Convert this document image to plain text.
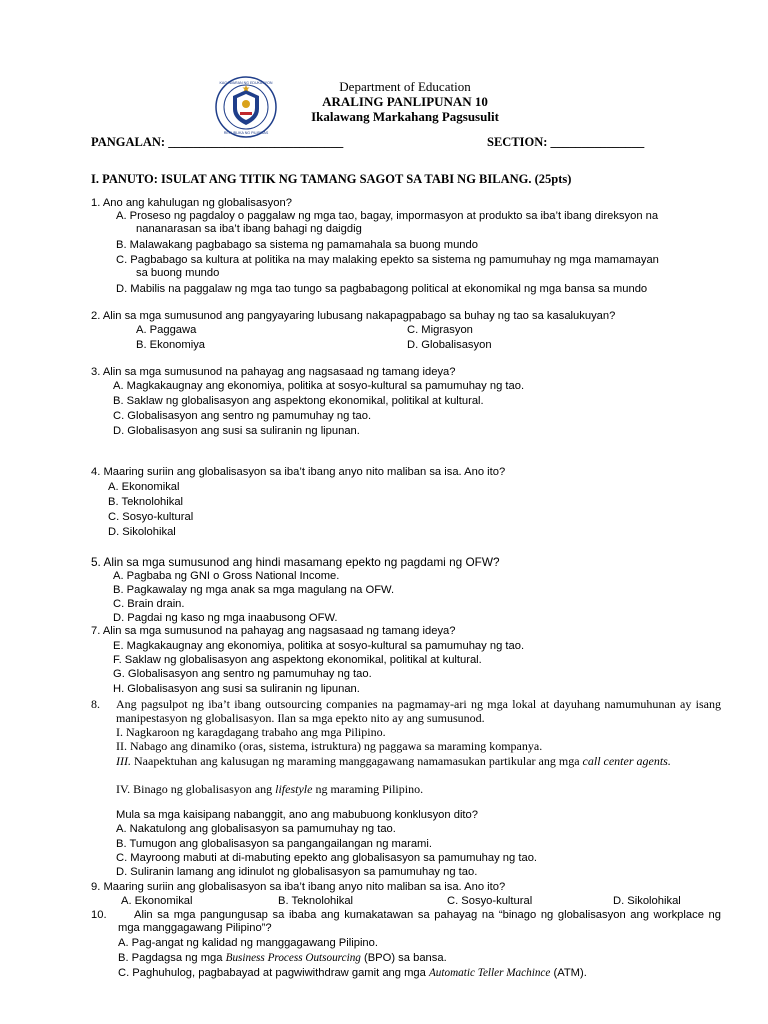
REPUBLIKA NG PILIPINAS
KAGAWARAN NG EDUKASYON	Department of Education
ARALING PANLIPUNAN 10
Ikalawang Markahang Pagsusulit
PANGALAN: ____________________________	SECTION: _______________
I. PANUTO: ISULAT ANG TITIK NG TAMANG SAGOT SA TABI NG BILANG. (25pts)
1. Ano ang kahulugan ng globalisasyon?
A. Proseso ng pagdaloy o paggalaw ng mga tao, bagay, impormasyon at produkto sa iba’t ibang direksyon na
nananarasan sa iba’t ibang bahagi ng daigdig
B. Malawakang pagbabago sa sistema ng pamamahala sa buong mundo
C. Pagbabago sa kultura at politika na may malaking epekto sa sistema ng pamumuhay ng mga mamamayan
sa buong mundo
D. Mabilis na paggalaw ng mga tao tungo sa pagbabagong political at ekonomikal ng mga bansa sa mundo
2. Alin sa mga sumusunod ang pangyayaring lubusang nakapagpabago sa buhay ng tao sa kasalukuyan?
A. Paggawa
B. Ekonomiya
C. Migrasyon
D. Globalisasyon
3. Alin sa mga sumusunod na pahayag ang nagsasaad ng tamang ideya?
A. Magkakaugnay ang ekonomiya, politika at sosyo-kultural sa pamumuhay ng tao.
B. Saklaw ng globalisasyon ang aspektong ekonomikal, politikal at kultural.
C. Globalisasyon ang sentro ng pamumuhay ng tao.
D. Globalisasyon ang susi sa suliranin ng lipunan.
4. Maaring suriin ang globalisasyon sa iba’t ibang anyo nito maliban sa isa. Ano ito?
A. Ekonomikal
B. Teknolohikal
C. Sosyo-kultural
D. Sikolohikal
5. Alin sa mga sumusunod ang hindi masamang epekto ng pagdami ng OFW?
A. Pagbaba ng GNI o Gross National Income.
B. Pagkawalay ng mga anak sa mga magulang na OFW.
C. Brain drain.
D. Pagdai ng kaso ng mga inaabusong OFW.
7. Alin sa mga sumusunod na pahayag ang nagsasaad ng tamang ideya?
E. Magkakaugnay ang ekonomiya, politika at sosyo-kultural sa pamumuhay ng tao.
F. Saklaw ng globalisasyon ang aspektong ekonomikal, politikal at kultural.
G. Globalisasyon ang sentro ng pamumuhay ng tao.
H. Globalisasyon ang susi sa suliranin ng lipunan.
8. Ang pagsulpot ng iba’t ibang outsourcing companies na pagmamay-ari ng mga lokal at dayuhang namumuhunan ay isang manipestasyon ng globalisasyon. Ilan sa mga epekto nito ay ang sumusunod.
I. Nagkaroon ng karagdagang trabaho ang mga Pilipino.
II. Nabago ang dinamiko (oras, sistema, istruktura) ng paggawa sa maraming kompanya.
III. Naapektuhan ang kalusugan ng maraming manggagawang namamasukan partikular ang mga call center agents.
IV. Binago ng globalisasyon ang lifestyle ng maraming Pilipino.
Mula sa mga kaisipang nabanggit, ano ang mabubuong konklusyon dito?
A. Nakatulong ang globalisasyon sa pamumuhay ng tao.
B. Tumugon ang globalisasyon sa pangangailangan ng marami.
C. Mayroong mabuti at di-mabuting epekto ang globalisasyon sa pamumuhay ng tao.
D. Suliranin lamang ang idinulot ng globalisasyon sa pamumuhay ng tao.
9. Maaring suriin ang globalisasyon sa iba’t ibang anyo nito maliban sa isa. Ano ito?
A. Ekonomikal	B. Teknolohikal	C. Sosyo-kultural	D. Sikolohikal
10.	Alin sa mga pangungusap sa ibaba ang kumakatawan sa pahayag na “binago ng globalisasyon ang workplace ng mga manggagawang Pilipino”?
A. Pag-angat ng kalidad ng manggagawang Pilipino.
B. Pagdagsa ng mga Business Process Outsourcing (BPO) sa bansa.
C. Paghuhulog, pagbabayad at pagwiwithdraw gamit ang mga Automatic Teller Machince (ATM).
